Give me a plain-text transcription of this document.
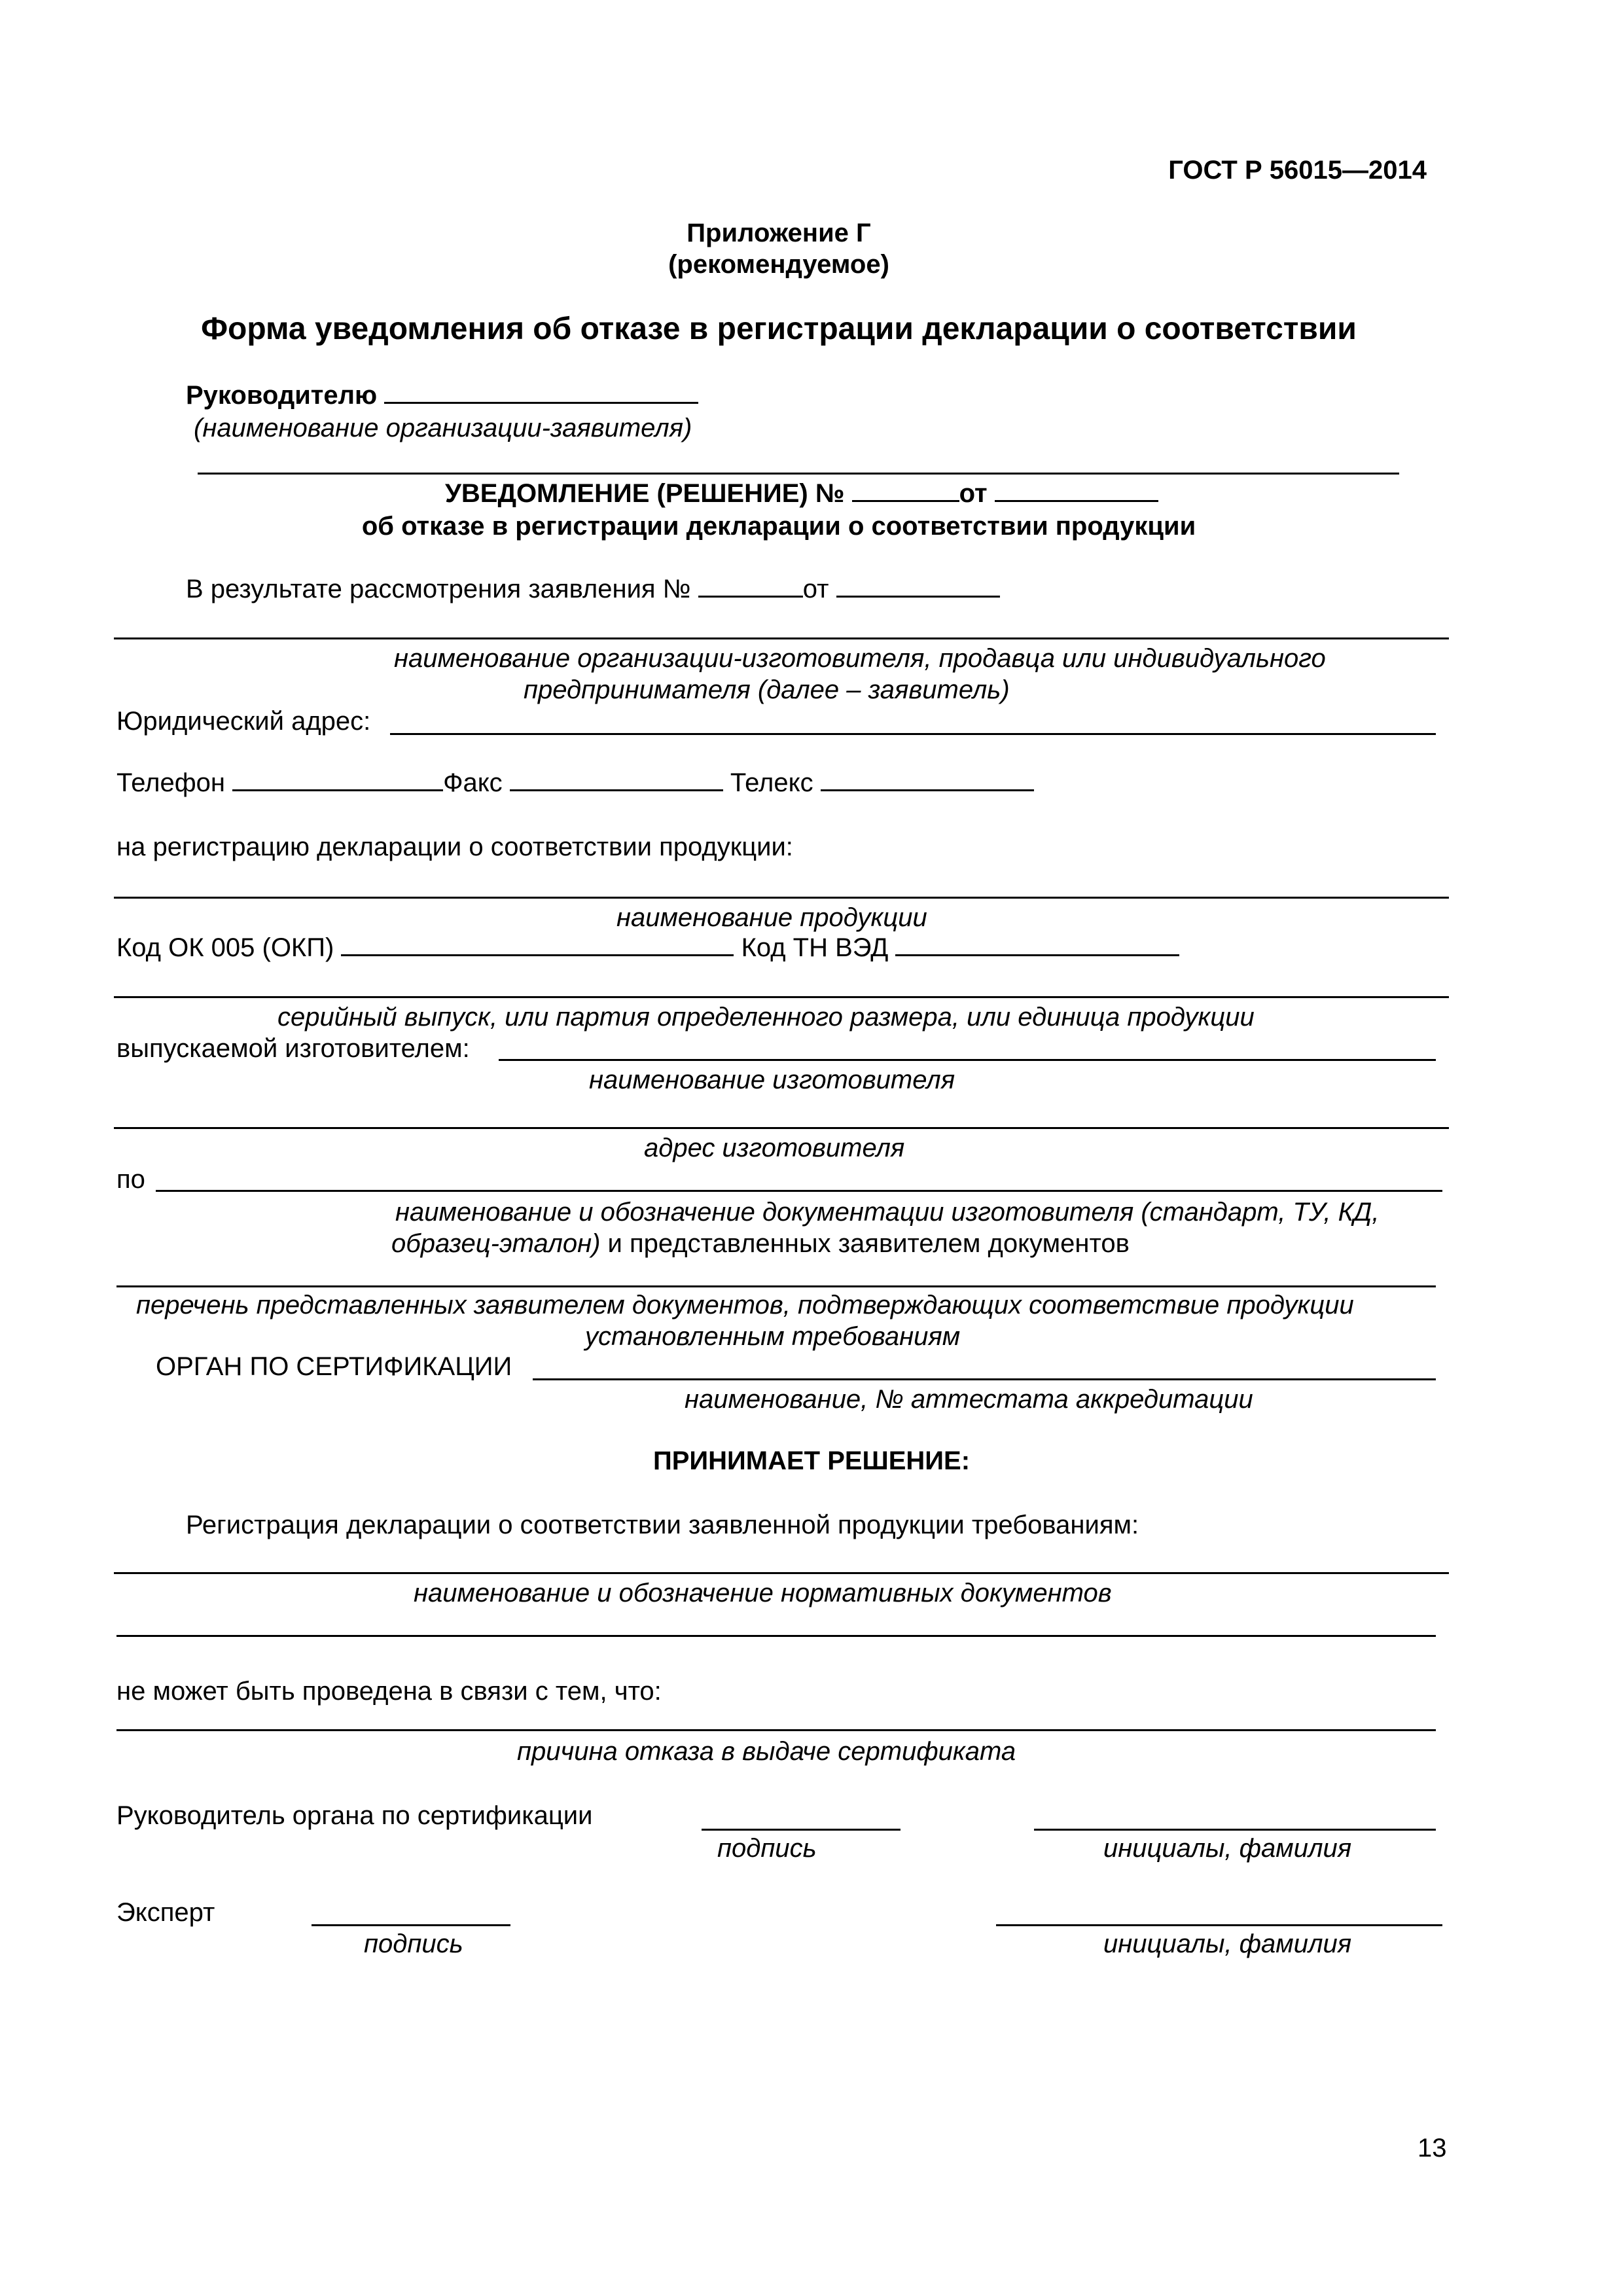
ГОСТ Р 56015—2014
Приложение Г
(рекомендуемое)
Форма уведомления об отказе в регистрации декларации о соответствии
Руководителю
(наименование организации-заявителя)
УВЕДОМЛЕНИЕ (РЕШЕНИЕ) №	от
об отказе в регистрации декларации о соответствии продукции
В результате рассмотрения заявления №	от
наименование организации-изготовителя, продавца или индивидуального
предпринимателя (далее – заявитель)
Юридический адрес:
Телефон	Факс	Телекс
на регистрацию декларации о соответствии продукции:
наименование продукции
Код ОК 005 (ОКП)	Код ТН ВЭД
серийный выпуск, или партия определенного размера, или единица продукции
выпускаемой изготовителем:
наименование изготовителя
адрес изготовителя
по
наименование и обозначение документации изготовителя (стандарт, ТУ, КД,
образец-эталон) и представленных заявителем документов
перечень представленных заявителем документов, подтверждающих соответствие продукции
установленным требованиям
ОРГАН ПО СЕРТИФИКАЦИИ
наименование, № аттестата аккредитации
ПРИНИМАЕТ РЕШЕНИЕ:
Регистрация декларации о соответствии заявленной продукции требованиям:
наименование и обозначение нормативных документов
не может быть проведена в связи с тем, что:
причина отказа в выдаче сертификата
Руководитель органа по сертификации
подпись	инициалы, фамилия
Эксперт
подпись	инициалы, фамилия
13
